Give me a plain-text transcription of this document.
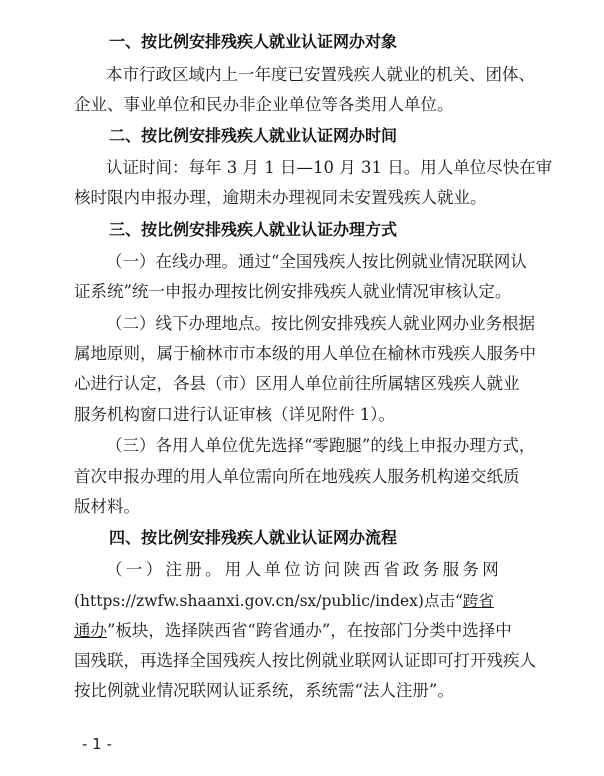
一、按比例安排残疾人就业认证网办对象
本市行政区域内上一年度已安置残疾人就业的机关、团体、
企业、事业单位和民办非企业单位等各类用人单位。
二、按比例安排残疾人就业认证网办时间
认证时间：每年 3 月 1 日—10 月 31 日。用人单位尽快在审
核时限内申报办理，逾期未办理视同未安置残疾人就业。
三、按比例安排残疾人就业认证办理方式
（一）在线办理。通过“全国残疾人按比例就业情况联网认
证系统”统一申报办理按比例安排残疾人就业情况审核认定。
（二）线下办理地点。按比例安排残疾人就业网办业务根据
属地原则，属于榆林市市本级的用人单位在榆林市残疾人服务中
心进行认定，各县（市）区用人单位前往所属辖区残疾人就业
服务机构窗口进行认证审核（详见附件 1）。
（三）各用人单位优先选择“零跑腿”的线上申报办理方式，
首次申报办理的用人单位需向所在地残疾人服务机构递交纸质
版材料。
四、按比例安排残疾人就业认证网办流程
（一）注册。用人单位访问陕西省政务服务网
(https://zwfw.shaanxi.gov.cn/sx/public/index)点击“跨省
通办”板块，选择陕西省“跨省通办”，在按部门分类中选择中
国残联，再选择全国残疾人按比例就业联网认证即可打开残疾人
按比例就业情况联网认证系统，系统需“法人注册”。
- 1 -
